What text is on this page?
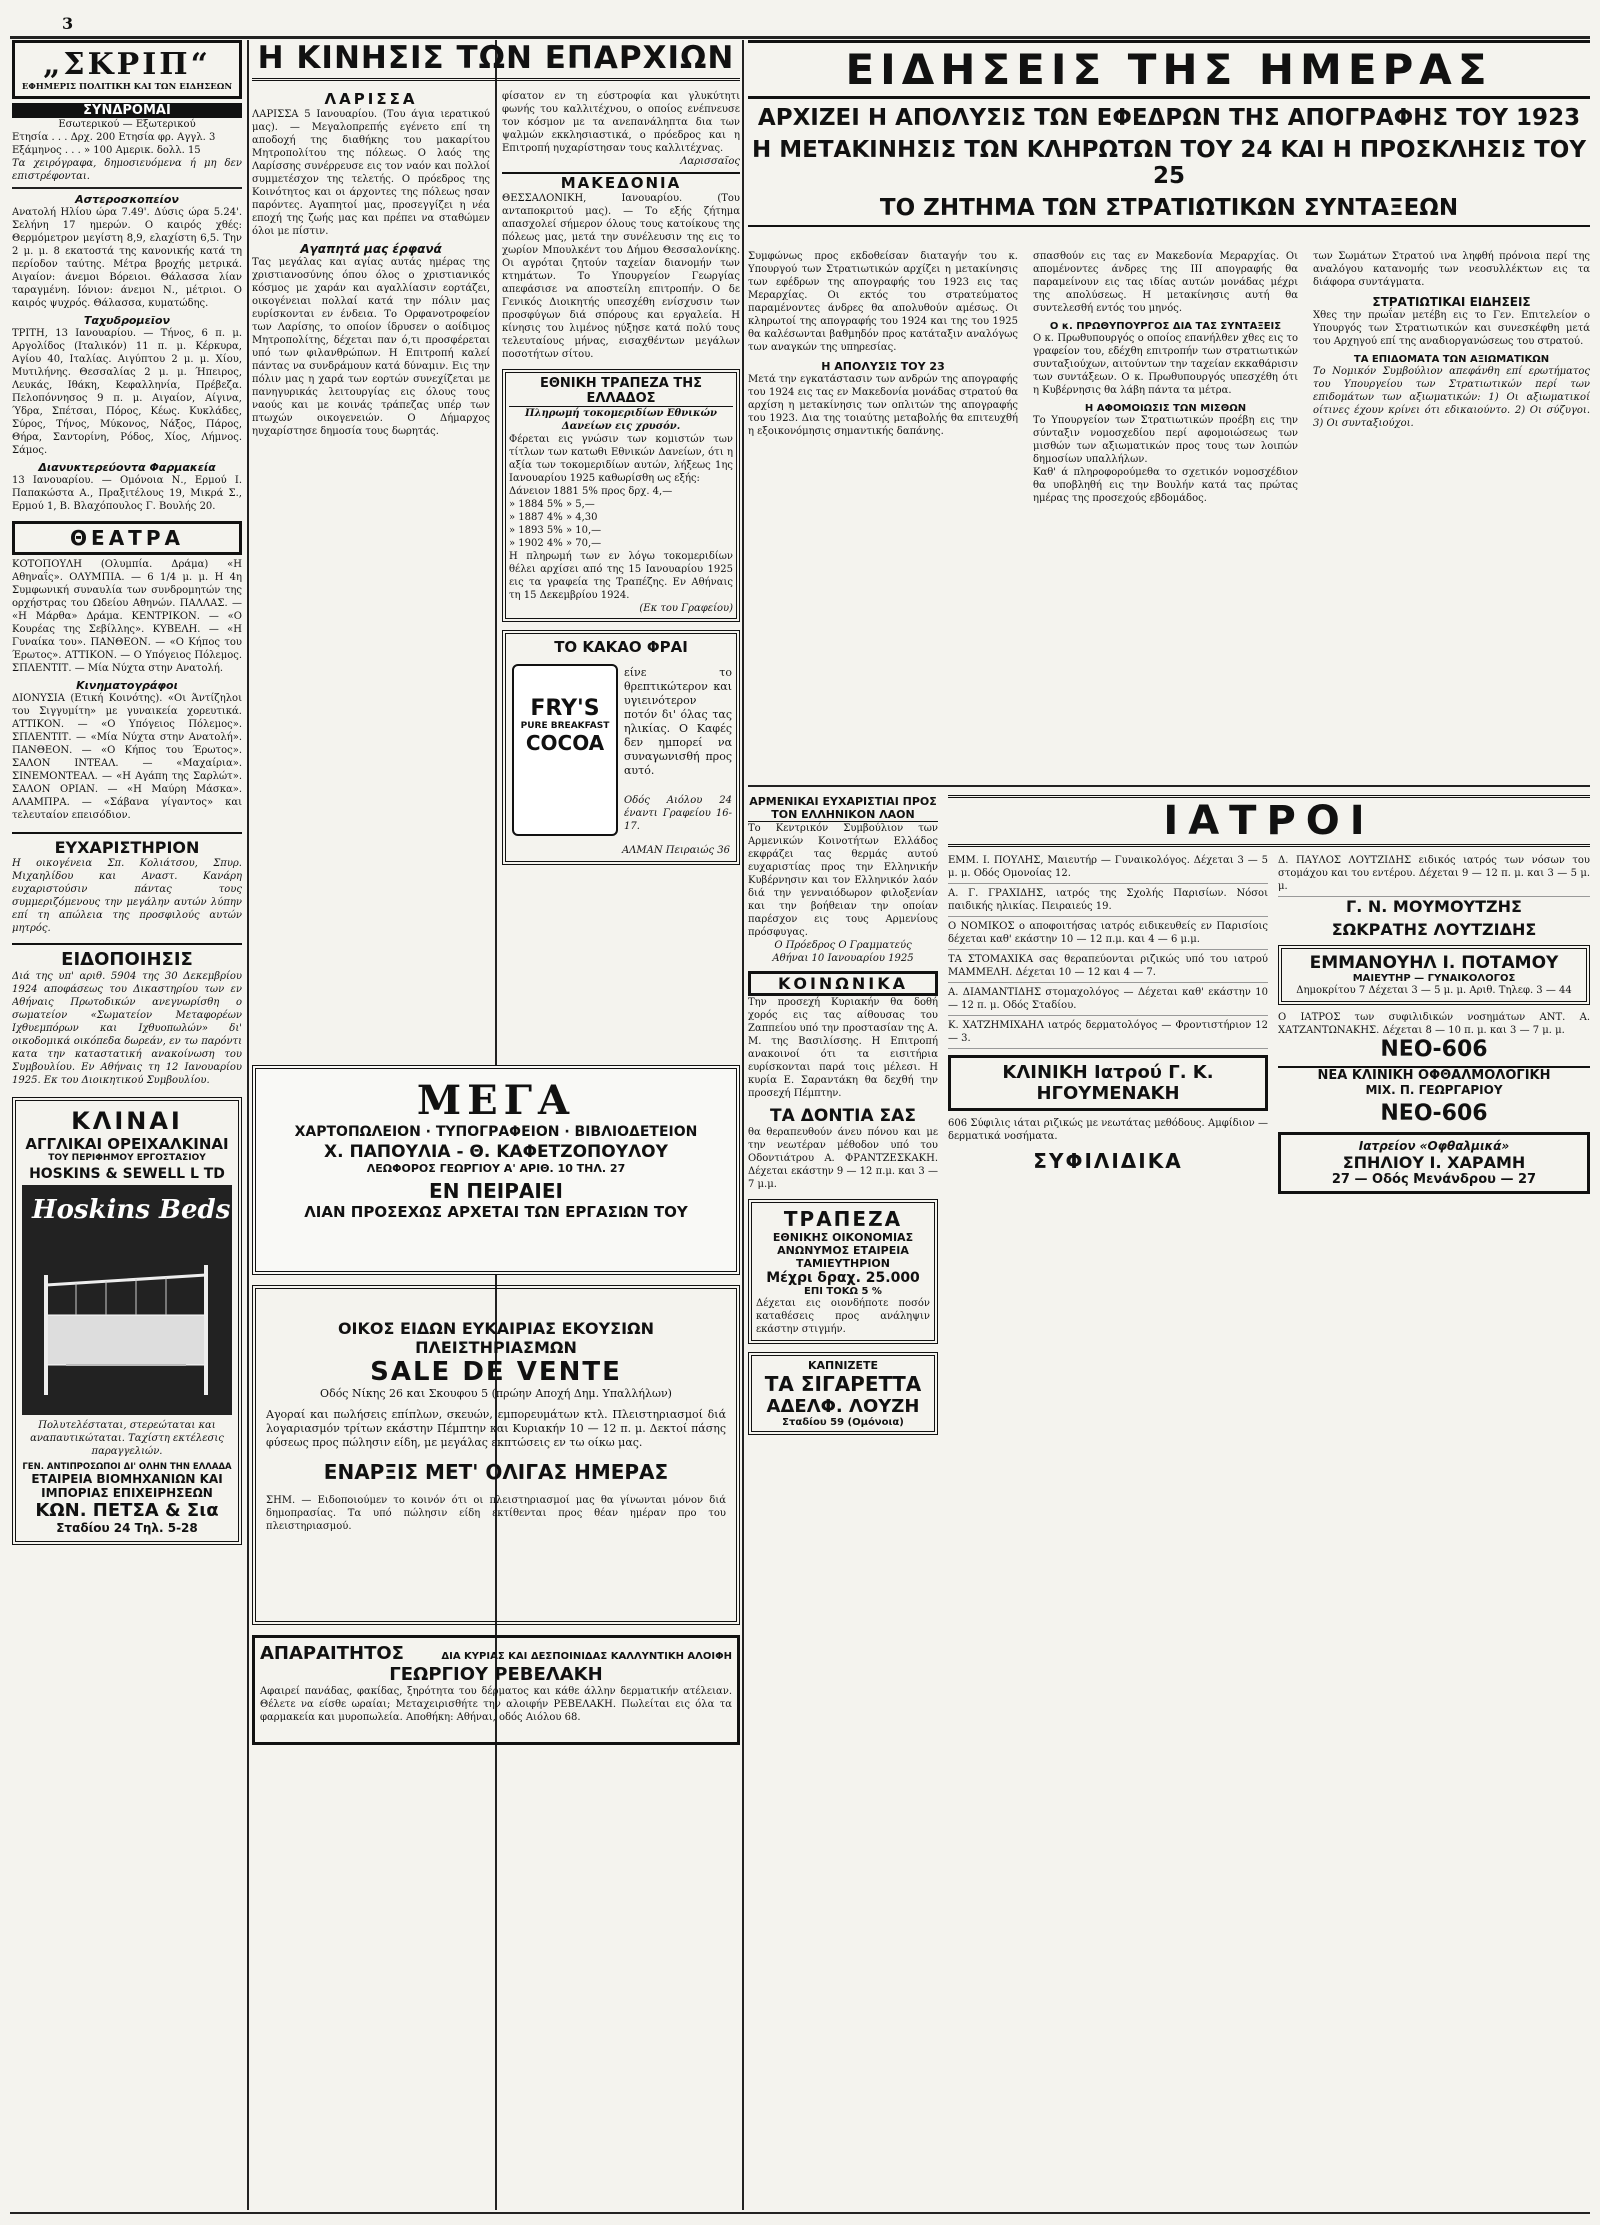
3
„ΣΚΡΙΠ“
ΕΦΗΜΕΡΙΣ ΠΟΛΙΤΙΚΗ ΚΑΙ ΤΩΝ ΕΙΔΗΣΕΩΝ
ΣΥΝΔΡΟΜΑΙ
Εσωτερικού — Εξωτερικού
Ετησία . . . Δρχ. 200 Ετησία φρ. Αγγλ. 3
Εξάμηνος . . . » 100 Αμερικ. δολλ. 15
Τα χειρόγραφα, δημοσιευόμενα ή μη δεν επιστρέφονται.
Αστεροσκοπείον
Ανατολή Ηλίου ώρα 7.49'. Δύσις ώρα 5.24'. Σελήνη 17 ημερών. Ο καιρός χθές: Θερμόμετρον μεγίστη 8,9, ελαχίστη 6,5. Την 2 μ. μ. 8 εκατοστά της κανονικής κατά τη περίοδον ταύτης. Μέτρα βροχής μετρικά. Αιγαίον: άνεμοι Βόρειοι. Θάλασσα λίαν ταραγμένη. Ιόνιον: άνεμοι Ν., μέτριοι. Ο καιρός ψυχρός. Θάλασσα, κυματώδης.
Ταχυδρομεῖον
ΤΡΙΤΗ, 13 Ιανουαρίου. — Τήνος, 6 π. μ. Αργολίδος (Ιταλικόν) 11 π. μ. Κέρκυρα, Αγίου 40, Ιταλίας. Αιγύπτου 2 μ. μ. Χίου, Μυτιλήνης. Θεσσαλίας 2 μ. μ. Ήπειρος, Λευκάς, Ιθάκη, Κεφαλληνία, Πρέβεζα. Πελοπόννησος 9 π. μ. Αιγαίον, Αίγινα, Ύδρα, Σπέτσαι, Πόρος, Κέως. Κυκλάδες, Σύρος, Τήνος, Μύκονος, Νάξος, Πάρος, Θήρα, Σαντορίνη, Ρόδος, Χίος, Λήμνος. Σάμος.
Διανυκτερεύοντα Φαρμακεία
13 Ιανουαρίου. — Ομόνοια Ν., Ερμού Ι. Παπακώστα Α., Πραξιτέλους 19, Μικρά Σ., Ερμού 1, Β. Βλαχόπουλος Γ. Βουλής 20.
ΘΕΑΤΡΑ
ΚΟΤΟΠΟΥΛΗ (Ολυμπία. Δράμα) «Η Αθηναΐς». ΟΛΥΜΠΙΑ. — 6 1/4 μ. μ. Η 4η Συμφωνική συναυλία των συνδρομητών της ορχήστρας του Ωδείου Αθηνών. ΠΑΛΛΑΣ. — «Η Μάρθα» Δράμα. ΚΕΝΤΡΙΚΟΝ. — «Ο Κουρέας της Σεβίλλης». ΚΥΒΕΛΗ. — «Η Γυναίκα του». ΠΑΝΘΕΟΝ. — «Ο Κήπος του Έρωτος». ΑΤΤΙΚΟΝ. — Ο Υπόγειος Πόλεμος. ΣΠΛΕΝΤΙΤ. — Μία Νύχτα στην Ανατολή.
Κινηματογράφοι
ΔΙΟΝΥΣΙΑ (Ετική Κοινότης). «Οι Άντίζηλοι του Σιγγυμίτη» με γυναικεία χορευτικά. ΑΤΤΙΚΟΝ. — «Ο Υπόγειος Πόλεμος». ΣΠΛΕΝΤΙΤ. — «Μία Νύχτα στην Ανατολή». ΠΑΝΘΕΟΝ. — «Ο Κήπος του Έρωτος». ΣΑΛΟΝ ΙΝΤΕΑΛ. — «Μαχαίρια». ΣΙΝΕΜΟΝΤΕΑΛ. — «Η Αγάπη της Σαρλώτ». ΣΑΛΟΝ ΟΡΙΑΝ. — «Η Μαύρη Μάσκα». ΑΛΑΜΠΡΑ. — «Σάβανα γίγαντος» και τελευταίον επεισόδιον.
ΕΥΧΑΡΙΣΤΗΡΙΟΝ
Η οικογένεια Σπ. Κολιάτσου, Σπυρ. Μιχαηλίδου και Αναστ. Κανάρη ευχαριστούσιν πάντας τους συμμεριζόμενους την μεγάλην αυτών λύπην επί τη απώλεια της προσφιλούς αυτών μητρός.
ΕΙΔΟΠΟΙΗΣΙΣ
Διά της υπ' αριθ. 5904 της 30 Δεκεμβρίου 1924 αποφάσεως του Δικαστηρίου των εν Αθήναις Πρωτοδικών ανεγνωρίσθη ο σωματείον «Σωματείον Μεταφορέων Ιχθυεμπόρων και Ιχθυοπωλών» δι' οικοδομικά οικόπεδα δωρεάν, εν τω παρόντι κατα την καταστατική ανακοίνωση του Συμβουλίου. Εν Αθήναις τη 12 Ιανουαρίου 1925. Εκ του Διοικητικού Συμβουλίου.
ΚΛΙΝΑΙ
ΑΓΓΛΙΚΑΙ ΟΡΕΙΧΑΛΚΙΝΑΙ
ΤΟΥ ΠΕΡΙΦΗΜΟΥ ΕΡΓΟΣΤΑΣΙΟΥ
HOSKINS & SEWELL L TD
Hoskins Beds
Πολυτελέσταται, στερεώταται και αναπαυτικώταται. Ταχίστη εκτέλεσις παραγγελιών.
ΓΕΝ. ΑΝΤΙΠΡΟΣΩΠΟΙ ΔΙ' ΟΛΗΝ ΤΗΝ ΕΛΛΑΔΑ
ΕΤΑΙΡΕΙΑ ΒΙΟΜΗΧΑΝΙΩΝ ΚΑΙ ΙΜΠΟΡΙΑΣ ΕΠΙΧΕΙΡΗΣΕΩΝ
ΚΩΝ. ΠΕΤΣΑ & Σια
Σταδίου 24 Τηλ. 5-28
Η ΚΙΝΗΣΙΣ ΤΩΝ ΕΠΑΡΧΙΩΝ
ΛΑΡΙΣΣΑ
ΛΑΡΙΣΣΑ 5 Ιανουαρίου. (Του άγια ιερατικού μας). — Μεγαλοπρεπής εγένετο επί τη αποδοχή της διαθήκης του μακαρίτου Μητροπολίτου της πόλεως. Ο λαός της Λαρίσσης συνέρρευσε εις τον ναόν και πολλοί συμμετέσχον της τελετής. Ο πρόεδρος της Κοινότητος και οι άρχοντες της πόλεως ησαν παρόντες. Αγαπητοί μας, προσεγγίζει η νέα εποχή της ζωής μας και πρέπει να σταθώμεν όλοι με πίστιν.
Αγαπητά μας έρφανά
Τας μεγάλας και αγίας αυτάς ημέρας της χριστιανοσύνης όπου όλος ο χριστιανικός κόσμος με χαράν και αγαλλίασιν εορτάζει, οικογένειαι πολλαί κατά την πόλιν μας ευρίσκονται εν ένδεια. Το Ορφανοτροφείον των Λαρίσης, το οποίον ίδρυσεν ο αοίδιμος Μητροπολίτης, δέχεται παν ό,τι προσφέρεται υπό των φιλανθρώπων. Η Επιτροπή καλεί πάντας να συνδράμουν κατά δύναμιν. Εις την πόλιν μας η χαρά των εορτών συνεχίζεται με πανηγυρικάς λειτουργίας εις όλους τους ναούς και με κοινάς τράπεζας υπέρ των πτωχών οικογενειών. Ο Δήμαρχος ηυχαρίστησε δημοσία τους δωρητάς.
φίσατον εν τη εύστροφία και γλυκύτητι φωνής του καλλιτέχνου, ο οποίος ενέπνευσε τον κόσμον με τα ανεπανάληπτα δια των ψαλμών εκκλησιαστικά, ο πρόεδρος και η Επιτροπή ηυχαρίστησαν τους καλλιτέχνας.
Λαρισσαῖος
ΜΑΚΕΔΟΝΙΑ
ΘΕΣΣΑΛΟΝΙΚΗ, Ιανουαρίου. (Του ανταποκριτού μας). — Το εξής ζήτημα απασχολεί σήμερον όλους τους κατοίκους της πόλεως μας, μετά την συνέλευσιν της εις το χωρίον Μπουλκέντ του Δήμου Θεσσαλονίκης. Οι αγρόται ζητούν ταχείαν διανομήν των κτημάτων. Το Υπουργείον Γεωργίας απεφάσισε να αποστείλη επιτροπήν. Ο δε Γενικός Διοικητής υπεσχέθη ενίσχυσιν των προσφύγων διά σπόρους και εργαλεία. Η κίνησις του λιμένος ηύξησε κατά πολύ τους τελευταίους μήνας, εισαχθέντων μεγάλων ποσοτήτων σίτου.
ΕΘΝΙΚΗ ΤΡΑΠΕΖΑ ΤΗΣ ΕΛΛΑΔΟΣ
Πληρωμή τοκομεριδίων Εθνικών Δανείων εις χρυσόν.
Φέρεται εις γνώσιν των κομιστών των τίτλων των κατωθι Εθνικών Δανείων, ότι η αξία των τοκομεριδίων αυτών, λήξεως 1ης Ιανουαρίου 1925 καθωρίσθη ως εξής:
Δάνειον 1881 5% προς δρχ. 4,—
» 1884 5% » 5,—
» 1887 4% » 4,30
» 1893 5% » 10,—
» 1902 4% » 70,—
Η πληρωμή των εν λόγω τοκομεριδίων θέλει αρχίσει από της 15 Ιανουαρίου 1925 εις τα γραφεία της Τραπέζης. Εν Αθήναις τη 15 Δεκεμβρίου 1924.
(Εκ του Γραφείου)
ΤΟ ΚΑΚΑΟ ΦΡΑΙ
FRY'S
PURE BREAKFAST
COCOA
είνε το θρεπτικώτερον και υγιεινότερον ποτόν δι' όλας τας ηλικίας. Ο Καφές δεν ημπορεί να συναγωνισθή προς αυτό.
Οδός Αιόλου 24 έναντι Γραφείου 16-17.
ΑΛΜΑΝ Πειραιώς 36
ΜΕΓΑ
ΧΑΡΤΟΠΩΛΕΙΟΝ · ΤΥΠΟΓΡΑΦΕΙΟΝ · ΒΙΒΛΙΟΔΕΤΕΙΟΝ
Χ. ΠΑΠΟΥΛΙΑ - Θ. ΚΑΦΕΤΖΟΠΟΥΛΟΥ
ΛΕΩΦΟΡΟΣ ΓΕΩΡΓΙΟΥ Α' ΑΡΙΘ. 10 ΤΗΛ. 27
ΕΝ ΠΕΙΡΑΙΕΙ
ΛΙΑΝ ΠΡΟΣΕΧΩΣ ΑΡΧΕΤΑΙ ΤΩΝ ΕΡΓΑΣΙΩΝ ΤΟΥ
ΟΙΚΟΣ ΕΙΔΩΝ ΕΥΚΑΙΡΙΑΣ ΕΚΟΥΣΙΩΝ ΠΛΕΙΣΤΗΡΙΑΣΜΩΝ
SALE DE VENTE
Οδός Νίκης 26 και Σκουφου 5 (πρώην Αποχή Δημ. Υπαλλήλων)
Αγοραί και πωλήσεις επίπλων, σκευών, εμπορευμάτων κτλ. Πλειστηριασμοί διά λογαριασμόν τρίτων εκάστην Πέμπτην και Κυριακήν 10 — 12 π. μ. Δεκτοί πάσης φύσεως προς πώλησιν είδη, με μεγάλας εκπτώσεις εν τω οίκω μας.
ΕΝΑΡΞΙΣ ΜΕΤ' ΟΛΙΓΑΣ ΗΜΕΡΑΣ
ΣΗΜ. — Ειδοποιούμεν το κοινόν ότι οι πλειστηριασμοί μας θα γίνωνται μόνον διά δημοπρασίας. Τα υπό πώλησιν είδη εκτίθενται προς θέαν ημέραν προ του πλειστηριασμού.
ΑΠΑΡΑΙΤΗΤΟΣ	ΔΙΑ ΚΥΡΙΑΣ ΚΑΙ ΔΕΣΠΟΙΝΙΔΑΣ ΚΑΛΛΥΝΤΙΚΗ ΑΛΟΙΦΗ
ΓΕΩΡΓΙΟΥ ΡΕΒΕΛΑΚΗ
Αφαιρεί πανάδας, φακίδας, ξηρότητα του δέρματος και κάθε άλλην δερματικήν ατέλειαν. Θέλετε να είσθε ωραίαι; Μεταχειρισθήτε την αλοιφήν ΡΕΒΕΛΑΚΗ. Πωλείται εις όλα τα φαρμακεία και μυροπωλεία. Αποθήκη: Αθήναι, οδός Αιόλου 68.
ΕΙΔΗΣΕΙΣ ΤΗΣ ΗΜΕΡΑΣ
ΑΡΧΙΖΕΙ Η ΑΠΟΛΥΣΙΣ ΤΩΝ ΕΦΕΔΡΩΝ ΤΗΣ ΑΠΟΓΡΑΦΗΣ ΤΟΥ 1923
Η ΜΕΤΑΚΙΝΗΣΙΣ ΤΩΝ ΚΛΗΡΩΤΩΝ ΤΟΥ 24 ΚΑΙ Η ΠΡΟΣΚΛΗΣΙΣ ΤΟΥ 25
ΤΟ ΖΗΤΗΜΑ ΤΩΝ ΣΤΡΑΤΙΩΤΙΚΩΝ ΣΥΝΤΑΞΕΩΝ
Συμφώνως προς εκδοθείσαν διαταγήν του κ. Υπουργού των Στρατιωτικών αρχίζει η μετακίνησις των εφέδρων της απογραφής του 1923 εις τας Μεραρχίας. Οι εκτός του στρατεύματος παραμένοντες άνδρες θα απολυθούν αμέσως. Οι κληρωτοί της απογραφής του 1924 και της του 1925 θα καλέσωνται βαθμηδόν προς κατάταξιν αναλόγως των αναγκών της υπηρεσίας.
Η ΑΠΟΛΥΣΙΣ ΤΟΥ 23
Μετά την εγκατάστασιν των ανδρών της απογραφής του 1924 εις τας εν Μακεδονία μονάδας στρατού θα αρχίση η μετακίνησις των οπλιτών της απογραφής του 1923. Δια της τοιαύτης μεταβολής θα επιτευχθή η εξοικονόμησις σημαντικής δαπάνης.
σπασθούν εις τας εν Μακεδονία Μεραρχίας. Οι απομένοντες άνδρες της ΙΙΙ απογραφής θα παραμείνουν εις τας ιδίας αυτών μονάδας μέχρι της απολύσεως. Η μετακίνησις αυτή θα συντελεσθή εντός του μηνός.
Ο κ. ΠΡΩΘΥΠΟΥΡΓΟΣ ΔΙΑ ΤΑΣ ΣΥΝΤΑΞΕΙΣ
Ο κ. Πρωθυπουργός ο οποίος επανήλθεν χθες εις το γραφείον του, εδέχθη επιτροπήν των στρατιωτικών συνταξιούχων, αιτούντων την ταχείαν εκκαθάρισιν των συντάξεων. Ο κ. Πρωθυπουργός υπεσχέθη ότι η Κυβέρνησις θα λάβη πάντα τα μέτρα.
Η ΑΦΟΜΟΙΩΣΙΣ ΤΩΝ ΜΙΣΘΩΝ
Το Υπουργείον των Στρατιωτικών προέβη εις την σύνταξιν νομοσχεδίου περί αφομοιώσεως των μισθών των αξιωματικών προς τους των λοιπών δημοσίων υπαλλήλων.
Καθ' ά πληροφορούμεθα το σχετικόν νομοσχέδιον θα υποβληθή εις την Βουλήν κατά τας πρώτας ημέρας της προσεχούς εβδομάδος.
των Σωμάτων Στρατού ινα ληφθή πρόνοια περί της αναλόγου κατανομής των νεοσυλλέκτων εις τα διάφορα συντάγματα.
ΣΤΡΑΤΙΩΤΙΚΑΙ ΕΙΔΗΣΕΙΣ
Χθες την πρωΐαν μετέβη εις το Γεν. Επιτελείον ο Υπουργός των Στρατιωτικών και συνεσκέφθη μετά του Αρχηγού επί της αναδιοργανώσεως του στρατού.
ΤΑ ΕΠΙΔΟΜΑΤΑ ΤΩΝ ΑΞΙΩΜΑΤΙΚΩΝ
Το Νομικόν Συμβούλιον απεφάνθη επί ερωτήματος του Υπουργείου των Στρατιωτικών περί των επιδομάτων των αξιωματικών: 1) Οι αξιωματικοί οίτινες έχουν κρίνει ότι εδικαιούντο. 2) Οι σύζυγοι. 3) Οι συνταξιούχοι.
ΑΡΜΕΝΙΚΑΙ ΕΥΧΑΡΙΣΤΙΑΙ ΠΡΟΣ ΤΟΝ ΕΛΛΗΝΙΚΟΝ ΛΑΟΝ
Το Κεντρικόν Συμβούλιον των Αρμενικών Κοινοτήτων Ελλάδος εκφράζει τας θερμάς αυτού ευχαριστίας προς την Ελληνικήν Κυβέρνησιν και τον Ελληνικόν λαόν διά την γενναιόδωρον φιλοξενίαν και την βοήθειαν την οποίαν παρέσχον εις τους Αρμενίους πρόσφυγας.
Ο Πρόεδρος Ο Γραμματεύς
Αθήναι 10 Ιανουαρίου 1925
ΚΟΙΝΩΝΙΚΑ
Την προσεχή Κυριακήν θα δοθή χορός εις τας αίθουσας του Ζαππείου υπό την προστασίαν της Α. Μ. της Βασιλίσσης. Η Επιτροπή ανακοινοί ότι τα εισιτήρια ευρίσκονται παρά τοις μέλεσι. Η κυρία Ε. Σαραντάκη θα δεχθή την προσεχή Πέμπτην.
ΤΑ ΔΟΝΤΙΑ ΣΑΣ
θα θεραπευθούν άνευ πόνου και με την νεωτέραν μέθοδον υπό του Οδοντιάτρου Α. ΦΡΑΝΤΖΕΣΚΑΚΗ. Δέχεται εκάστην 9 — 12 π.μ. και 3 — 7 μ.μ.
ΤΡΑΠΕΖΑ
ΕΘΝΙΚΗΣ ΟΙΚΟΝΟΜΙΑΣ
ΑΝΩΝΥΜΟΣ ΕΤΑΙΡΕΙΑ
ΤΑΜΙΕΥΤΗΡΙΟΝ
Μέχρι δραχ. 25.000
ΕΠΙ ΤΟΚΩ 5 %
Δέχεται εις οιονδήποτε ποσόν καταθέσεις προς ανάληψιν εκάστην στιγμήν.
ΚΑΠΝΙΖΕΤΕ
ΤΑ ΣΙΓΑΡΕΤΤΑ
ΑΔΕΛΦ. ΛΟΥΖΗ
Σταδίου 59 (Ομόνοια)
ΙΑΤΡΟΙ
ΕΜΜ. Ι. ΠΟΥΛΗΣ, Μαιευτήρ — Γυναικολόγος. Δέχεται 3 — 5 μ. μ. Οδός Ομονοίας 12.
Α. Γ. ΓΡΑΧΙΔΗΣ, ιατρός της Σχολής Παρισίων. Νόσοι παιδικής ηλικίας. Πειραιεύς 19.
Ο ΝΟΜΙΚΟΣ ο αποφοιτήσας ιατρός ειδικευθείς εν Παρισίοις δέχεται καθ' εκάστην 10 — 12 π.μ. και 4 — 6 μ.μ.
ΤΑ ΣΤΟΜΑΧΙΚΑ σας θεραπεύονται ριζικώς υπό του ιατρού ΜΑΜΜΕΛΗ. Δέχεται 10 — 12 και 4 — 7.
Α. ΔΙΑΜΑΝΤΙΔΗΣ στομαχολόγος — Δέχεται καθ' εκάστην 10 — 12 π. μ. Οδός Σταδίου.
Κ. ΧΑΤΖΗΜΙΧΑΗΛ ιατρός δερματολόγος — Φροντιστήριον 12 — 3.
ΚΛΙΝΙΚΗ Ιατρού Γ. Κ. ΗΓΟΥΜΕΝΑΚΗ
606 Σύφιλις ιάται ριζικώς με νεωτάτας μεθόδους. Αμφίδιον — δερματικά νοσήματα.
ΣΥΦΙΛΙΔΙΚΑ
Δ. ΠΑΥΛΟΣ ΛΟΥΤΖΙΔΗΣ ειδικός ιατρός των νόσων του στομάχου και του εντέρου. Δέχεται 9 — 12 π. μ. και 3 — 5 μ. μ.
Γ. Ν. ΜΟΥΜΟΥΤΖΗΣ
ΣΩΚΡΑΤΗΣ ΛΟΥΤΖΙΔΗΣ
ΕΜΜΑΝΟΥΗΛ Ι. ΠΟΤΑΜΟΥ
ΜΑΙΕΥΤΗΡ — ΓΥΝΑΙΚΟΛΟΓΟΣ
Δημοκρίτου 7 Δέχεται 3 — 5 μ. μ. Αριθ. Τηλεφ. 3 — 44
Ο ΙΑΤΡΟΣ των συφιλιδικών νοσημάτων ΑΝΤ. Α. ΧΑΤΖΑΝΤΩΝΑΚΗΣ. Δέχεται 8 — 10 π. μ. και 3 — 7 μ. μ.
ΝΕΟ-606
ΝΕΑ ΚΛΙΝΙΚΗ ΟΦΘΑΛΜΟΛΟΓΙΚΗ
ΜΙΧ. Π. ΓΕΩΡΓΑΡΙΟΥ
ΝΕΟ-606
Ιατρείον «Οφθαλμικά»
ΣΠΗΛΙΟΥ Ι. ΧΑΡΑΜΗ
27 — Οδός Μενάνδρου — 27
